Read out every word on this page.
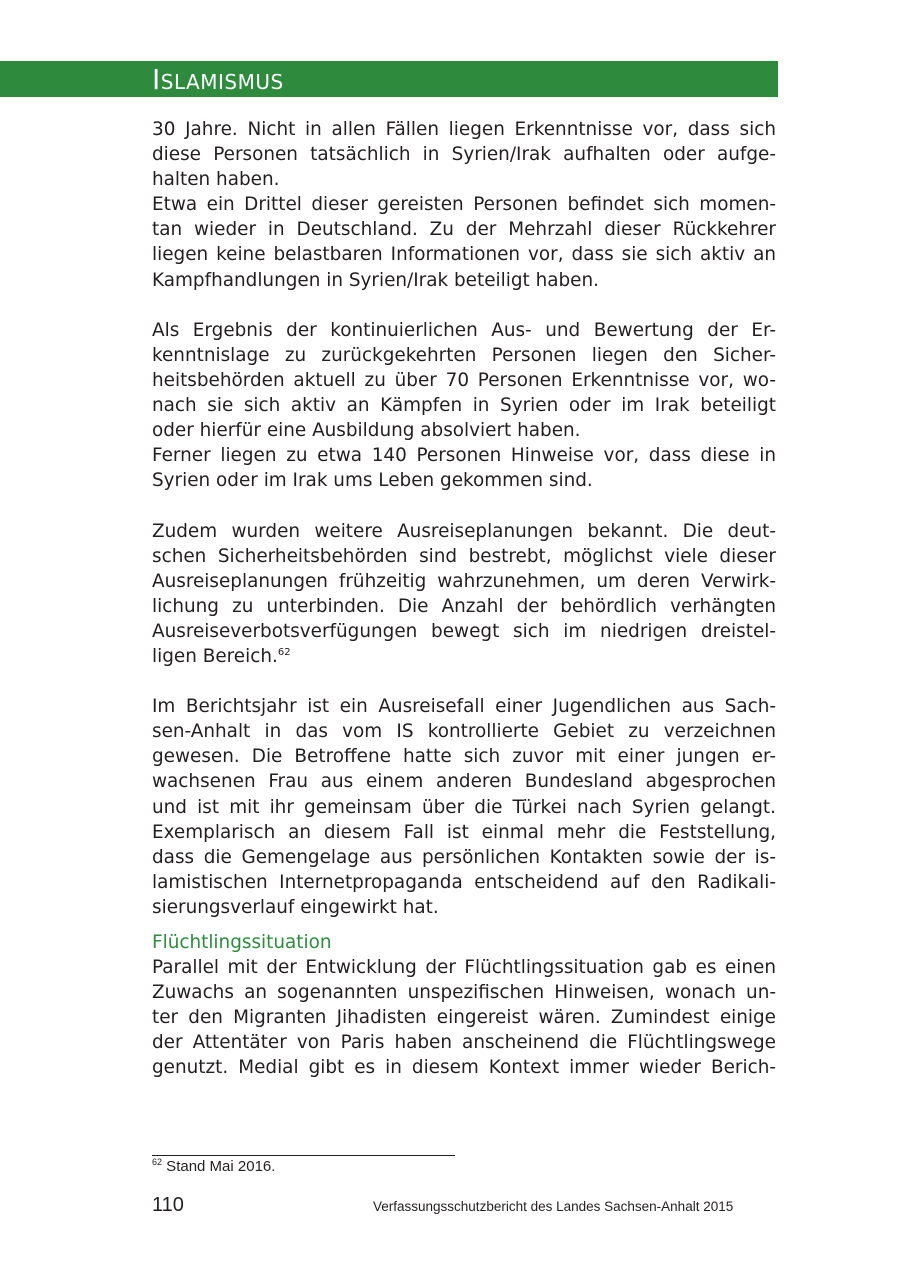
Islamismus
30 Jahre. Nicht in allen Fällen liegen Erkenntnisse vor, dass sich
diese Personen tatsächlich in Syrien/Irak aufhalten oder aufge-
halten haben.
Etwa ein Drittel dieser gereisten Personen befindet sich momen-
tan wieder in Deutschland. Zu der Mehrzahl dieser Rückkehrer
liegen keine belastbaren Informationen vor, dass sie sich aktiv an
Kampfhandlungen in Syrien/Irak beteiligt haben.
Als Ergebnis der kontinuierlichen Aus- und Bewertung der Er-
kenntnislage zu zurückgekehrten Personen liegen den Sicher-
heitsbehörden aktuell zu über 70 Personen Erkenntnisse vor, wo-
nach sie sich aktiv an Kämpfen in Syrien oder im Irak beteiligt
oder hierfür eine Ausbildung absolviert haben.
Ferner liegen zu etwa 140 Personen Hinweise vor, dass diese in
Syrien oder im Irak ums Leben gekommen sind.
Zudem wurden weitere Ausreiseplanungen bekannt. Die deut-
schen Sicherheitsbehörden sind bestrebt, möglichst viele dieser
Ausreiseplanungen frühzeitig wahrzunehmen, um deren Verwirk-
lichung zu unterbinden. Die Anzahl der behördlich verhängten
Ausreiseverbotsverfügungen bewegt sich im niedrigen dreistel-
ligen Bereich.$^{62}$
Im Berichtsjahr ist ein Ausreisefall einer Jugendlichen aus Sach-
sen-Anhalt in das vom IS kontrollierte Gebiet zu verzeichnen
gewesen. Die Betroffene hatte sich zuvor mit einer jungen er-
wachsenen Frau aus einem anderen Bundesland abgesprochen
und ist mit ihr gemeinsam über die Türkei nach Syrien gelangt.
Exemplarisch an diesem Fall ist einmal mehr die Feststellung,
dass die Gemengelage aus persönlichen Kontakten sowie der is-
lamistischen Internetpropaganda entscheidend auf den Radikali-
sierungsverlauf eingewirkt hat.
Flüchtlingssituation
Parallel mit der Entwicklung der Flüchtlingssituation gab es einen
Zuwachs an sogenannten unspezifischen Hinweisen, wonach un-
ter den Migranten Jihadisten eingereist wären. Zumindest einige
der Attentäter von Paris haben anscheinend die Flüchtlingswege
genutzt. Medial gibt es in diesem Kontext immer wieder Berich-
$^{62}$ Stand Mai 2016.
110	Verfassungsschutzbericht des Landes Sachsen-Anhalt 2015
